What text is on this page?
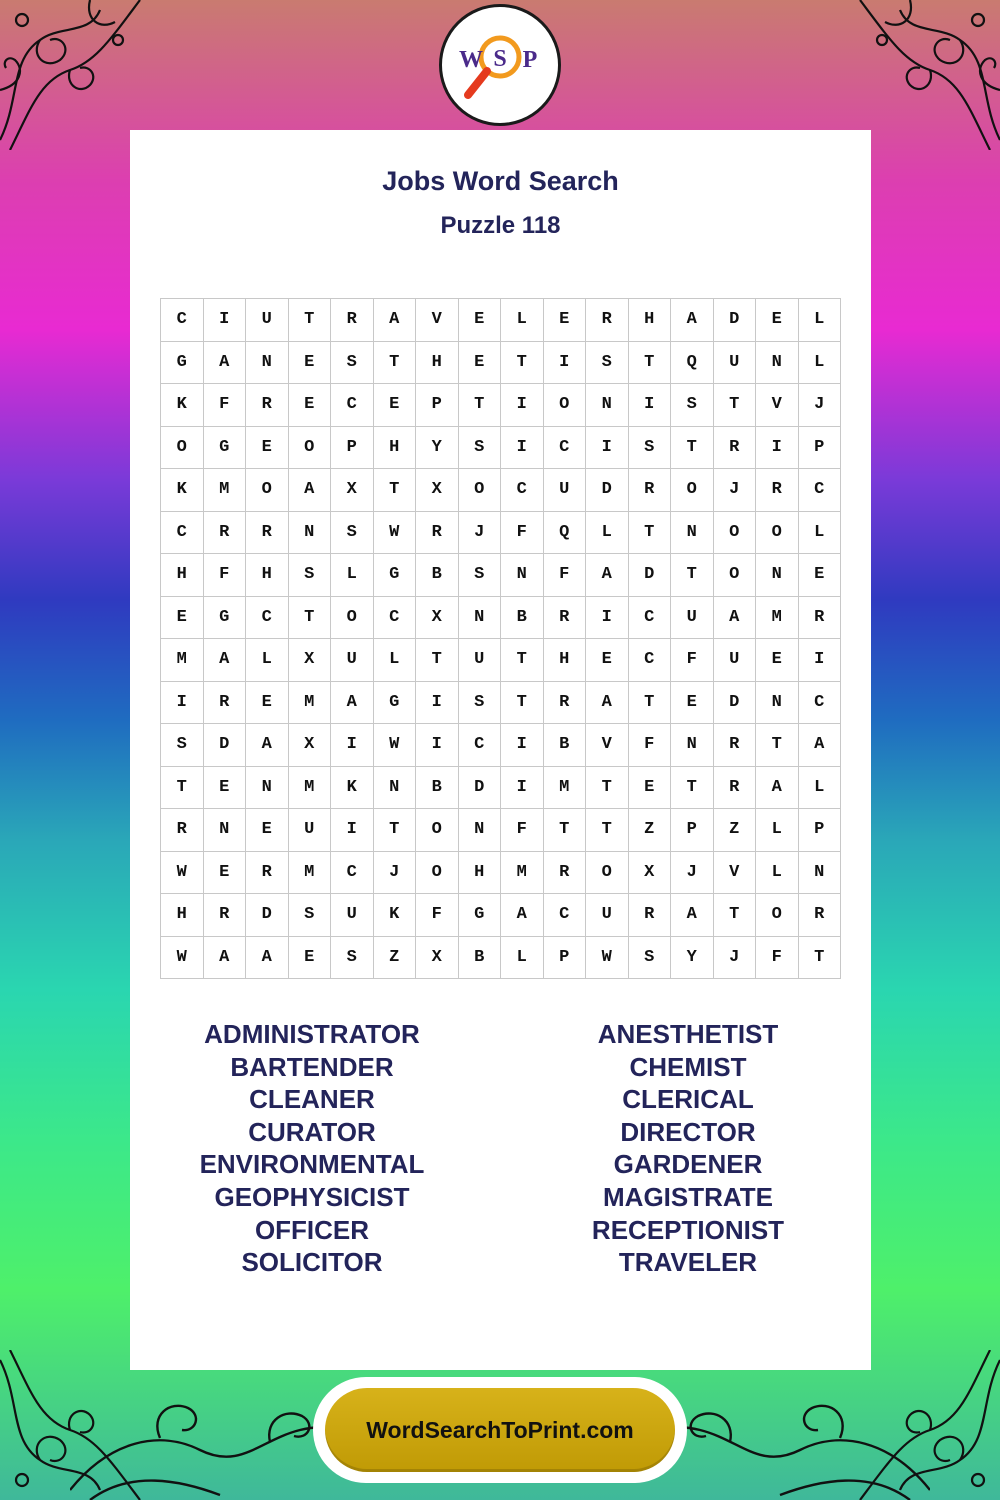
W S P
Jobs Word Search
Puzzle 118
C	I	U	T	R	A	V	E	L	E	R	H	A	D	E	L
G	A	N	E	S	T	H	E	T	I	S	T	Q	U	N	L
K	F	R	E	C	E	P	T	I	O	N	I	S	T	V	J
O	G	E	O	P	H	Y	S	I	C	I	S	T	R	I	P
K	M	O	A	X	T	X	O	C	U	D	R	O	J	R	C
C	R	R	N	S	W	R	J	F	Q	L	T	N	O	O	L
H	F	H	S	L	G	B	S	N	F	A	D	T	O	N	E
E	G	C	T	O	C	X	N	B	R	I	C	U	A	M	R
M	A	L	X	U	L	T	U	T	H	E	C	F	U	E	I
I	R	E	M	A	G	I	S	T	R	A	T	E	D	N	C
S	D	A	X	I	W	I	C	I	B	V	F	N	R	T	A
T	E	N	M	K	N	B	D	I	M	T	E	T	R	A	L
R	N	E	U	I	T	O	N	F	T	T	Z	P	Z	L	P
W	E	R	M	C	J	O	H	M	R	O	X	J	V	L	N
H	R	D	S	U	K	F	G	A	C	U	R	A	T	O	R
W	A	A	E	S	Z	X	B	L	P	W	S	Y	J	F	T
ADMINISTRATOR
BARTENDER
CLEANER
CURATOR
ENVIRONMENTAL
GEOPHYSICIST
OFFICER
SOLICITOR
ANESTHETIST
CHEMIST
CLERICAL
DIRECTOR
GARDENER
MAGISTRATE
RECEPTIONIST
TRAVELER
WordSearchToPrint.com
